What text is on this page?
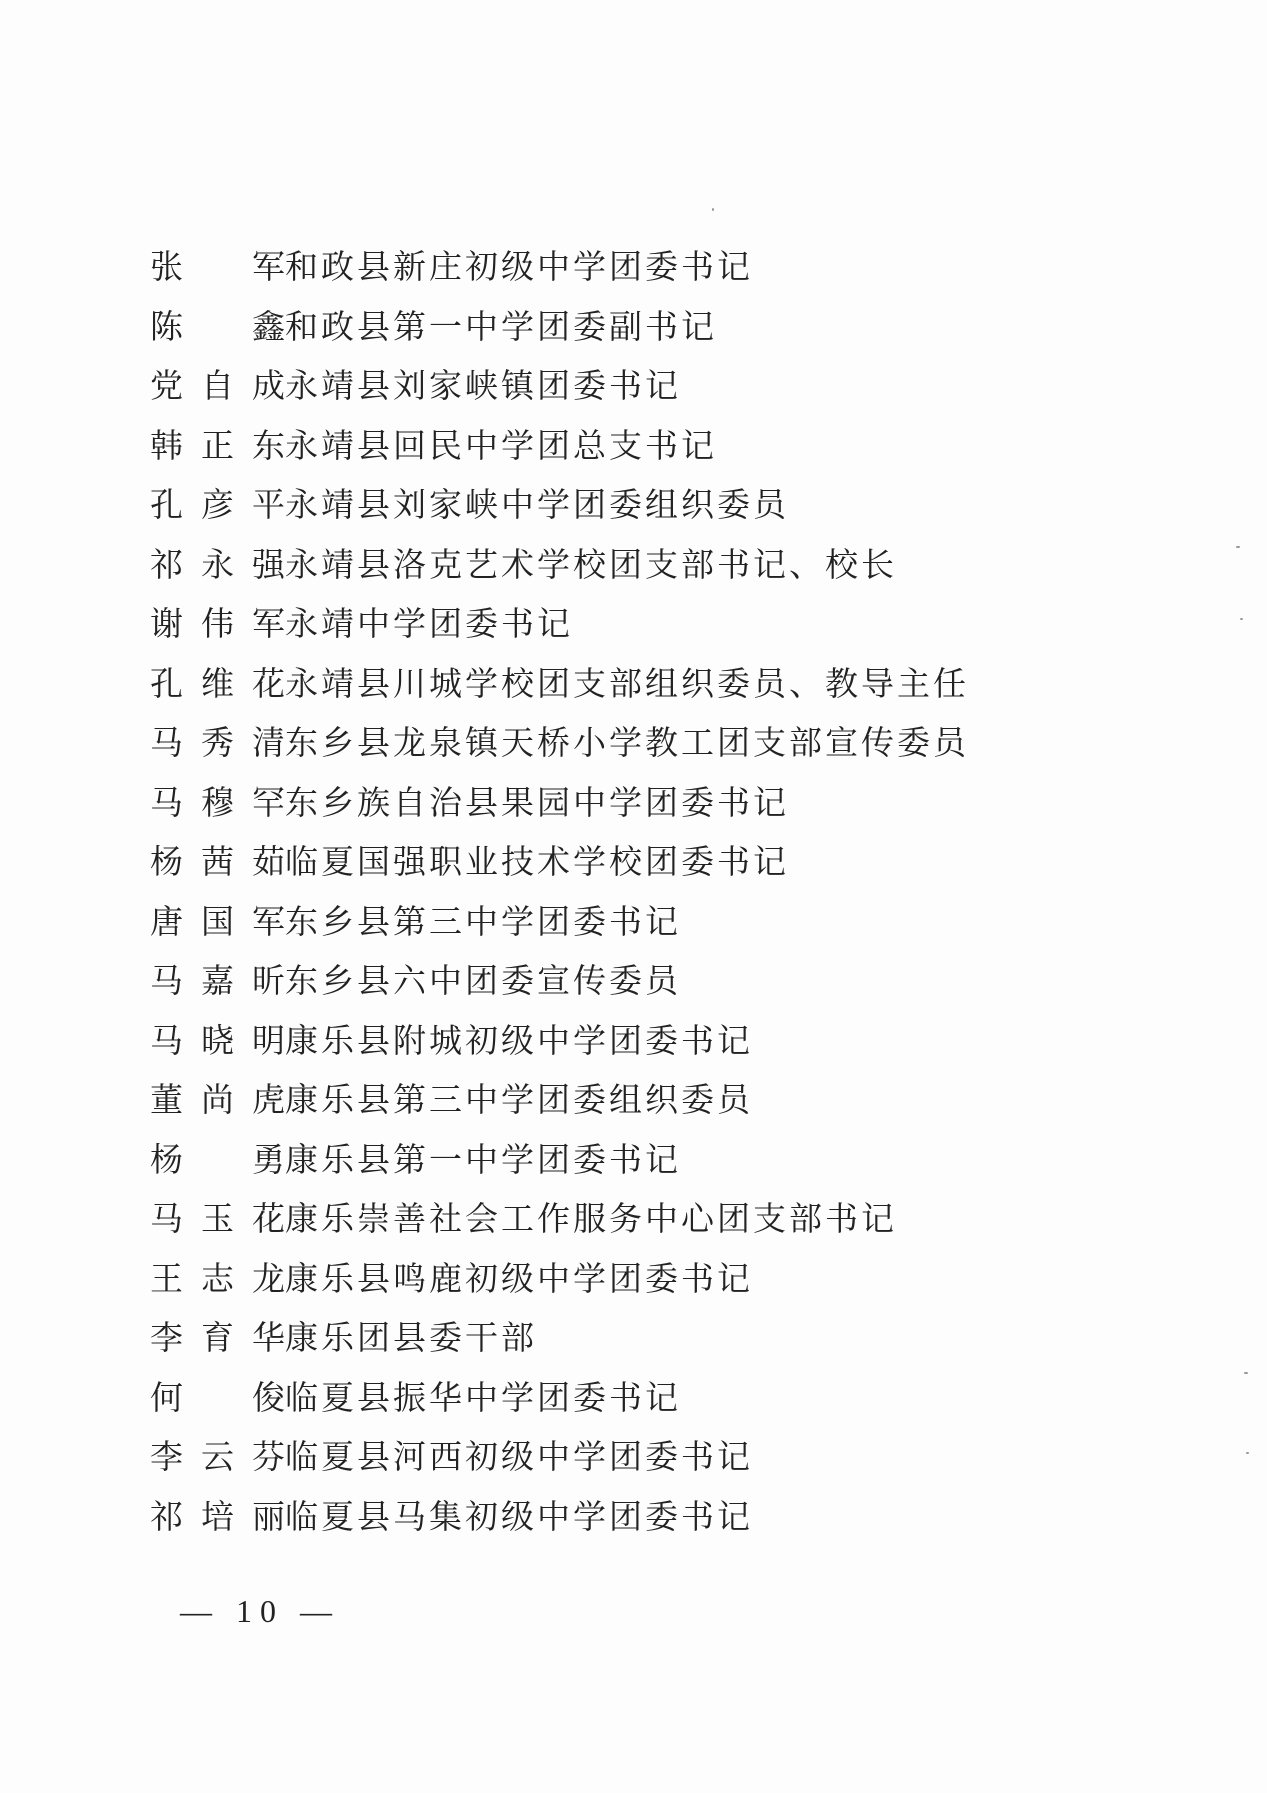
张 军 和政县新庄初级中学团委书记
陈 鑫 和政县第一中学团委副书记
党 自 成 永靖县刘家峡镇团委书记
韩 正 东 永靖县回民中学团总支书记
孔 彦 平 永靖县刘家峡中学团委组织委员
祁 永 强 永靖县洛克艺术学校团支部书记、校长
谢 伟 军 永靖中学团委书记
孔 维 花 永靖县川城学校团支部组织委员、教导主任
马 秀 清 东乡县龙泉镇天桥小学教工团支部宣传委员
马 穆 罕 东乡族自治县果园中学团委书记
杨 茜 茹 临夏国强职业技术学校团委书记
唐 国 军 东乡县第三中学团委书记
马 嘉 昕 东乡县六中团委宣传委员
马 晓 明 康乐县附城初级中学团委书记
董 尚 虎 康乐县第三中学团委组织委员
杨 勇 康乐县第一中学团委书记
马 玉 花 康乐崇善社会工作服务中心团支部书记
王 志 龙 康乐县鸣鹿初级中学团委书记
李 育 华 康乐团县委干部
何 俊 临夏县振华中学团委书记
李 云 芬 临夏县河西初级中学团委书记
祁 培 丽 临夏县马集初级中学团委书记
— 10 —
